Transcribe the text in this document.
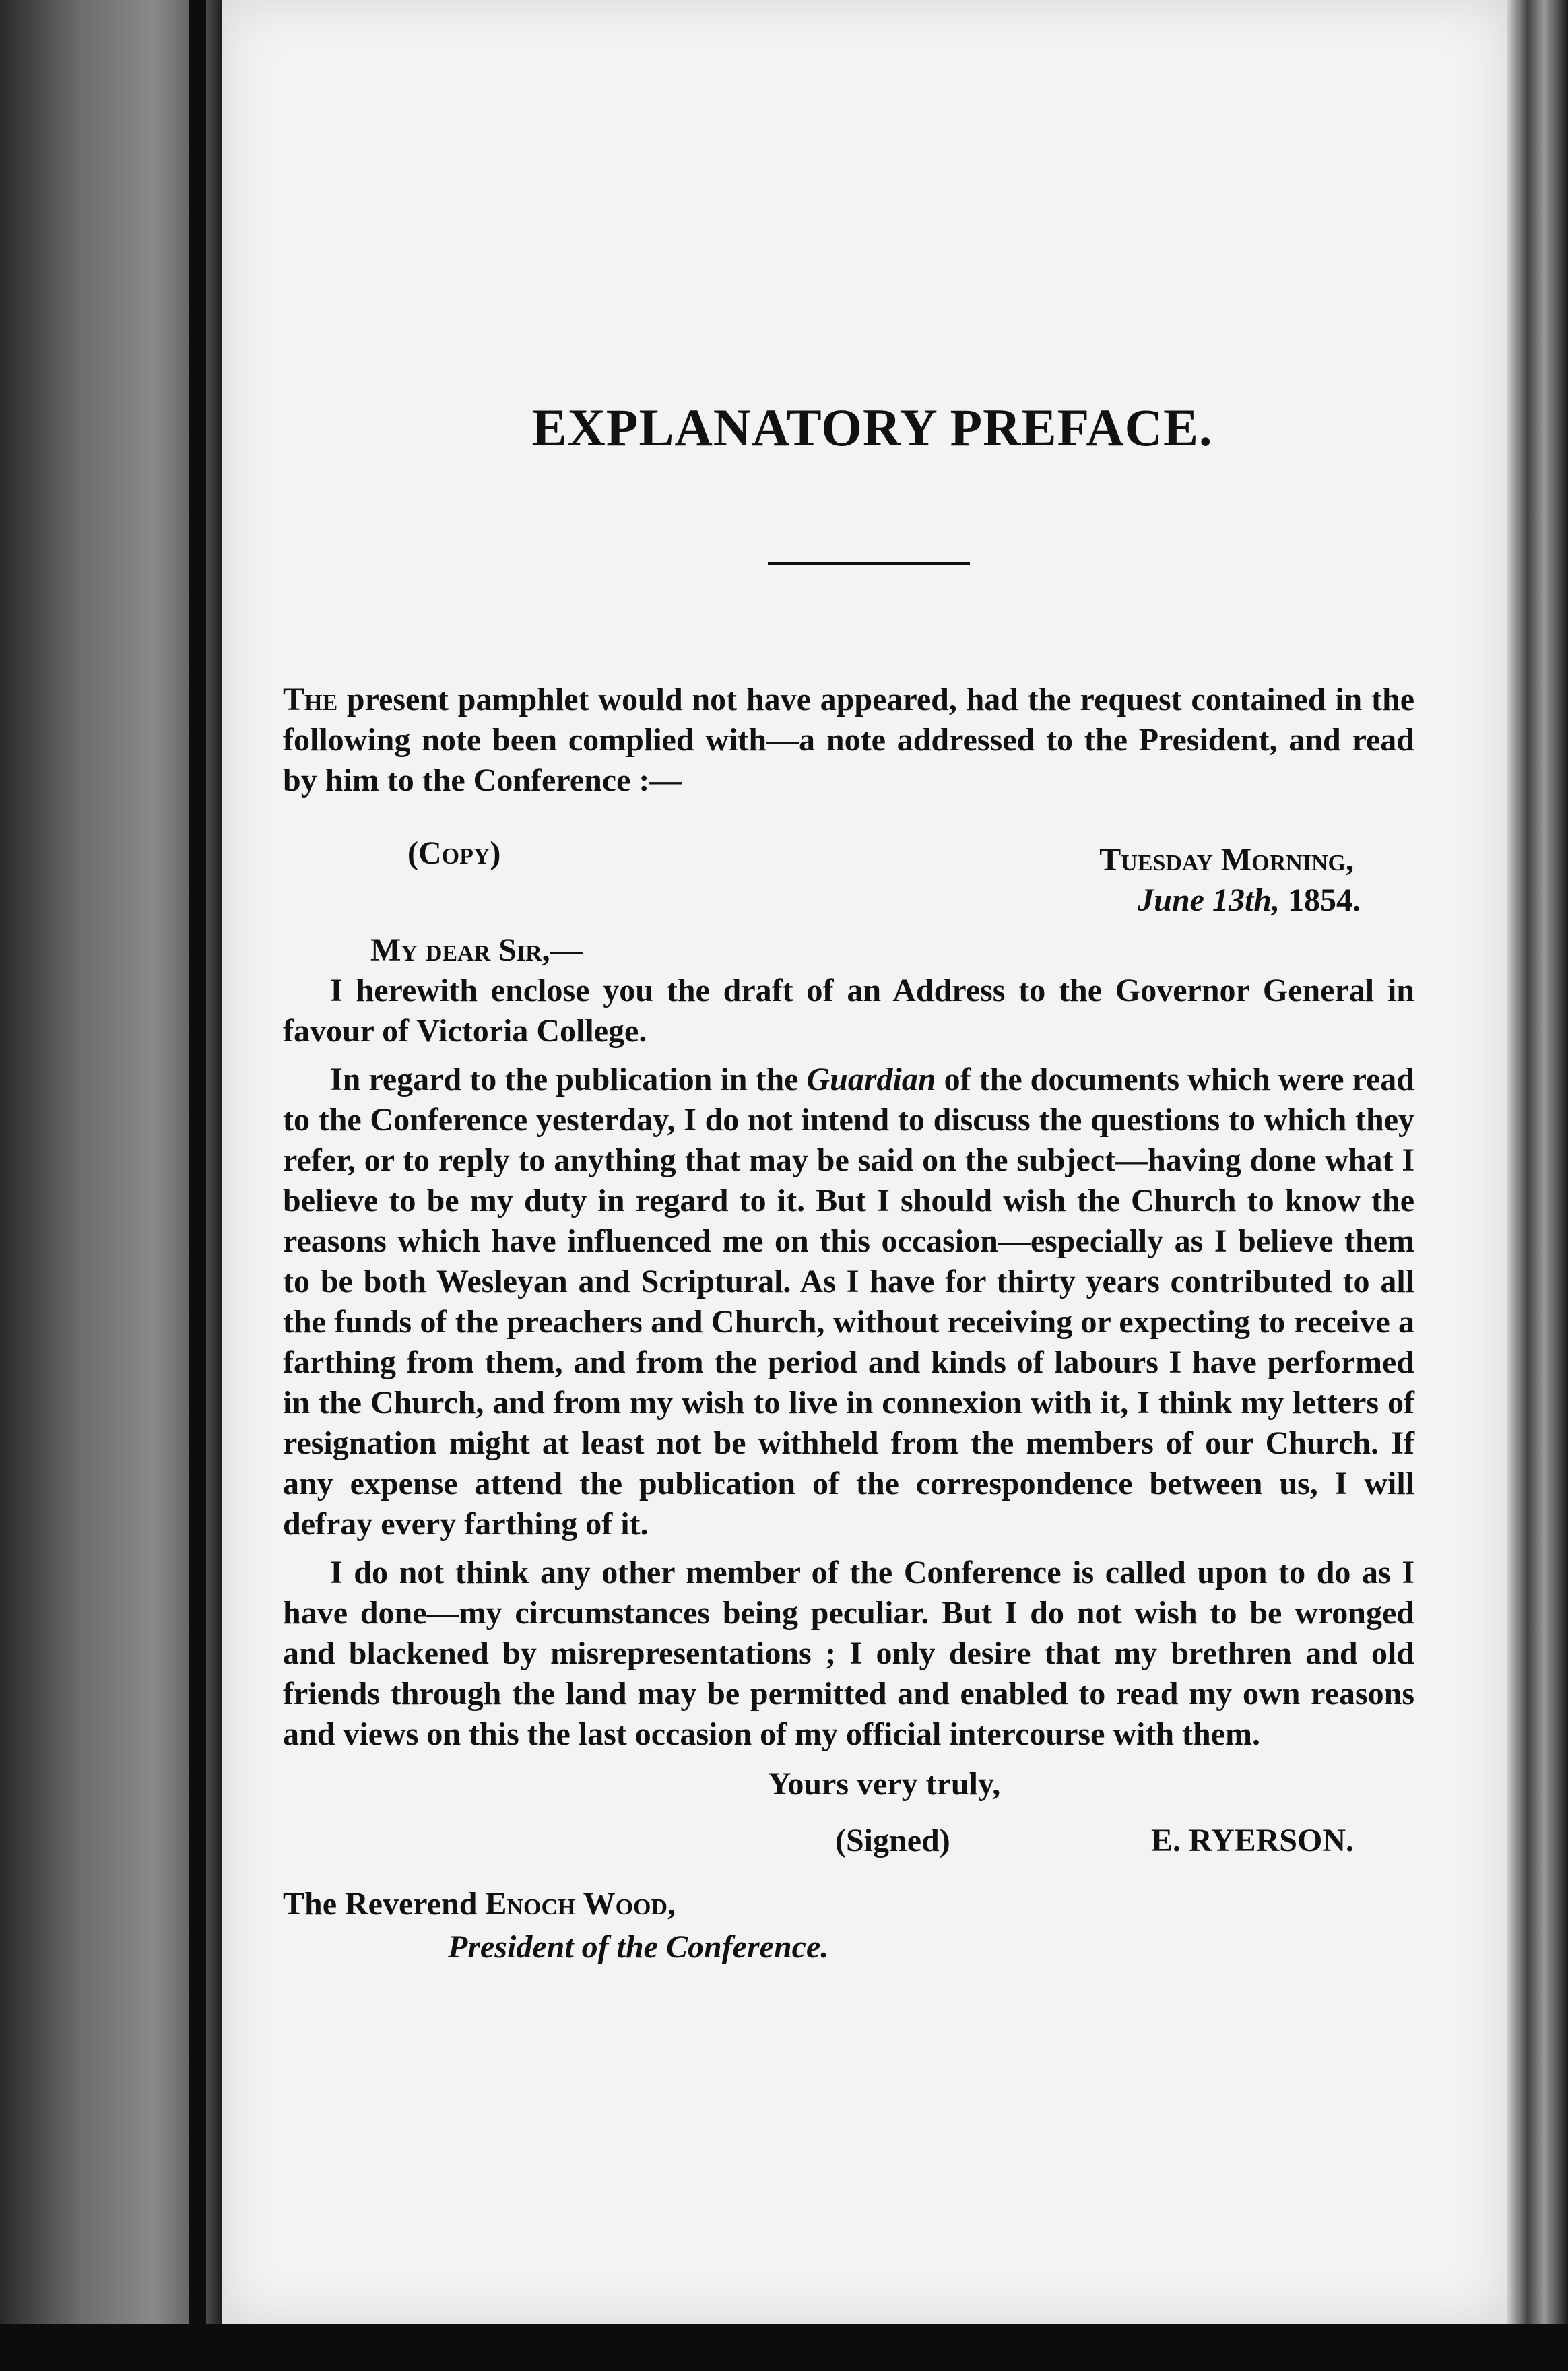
EXPLANATORY PREFACE.

The present pamphlet would not have appeared, had the request contained in the following note been complied with—a note addressed to the President, and read by him to the Conference :—

(Copy)	Tuesday Morning,
June 13th, 1854.
My dear Sir,—

I herewith enclose you the draft of an Address to the Governor General in favour of Victoria College.

In regard to the publication in the Guardian of the documents which were read to the Conference yesterday, I do not intend to discuss the questions to which they refer, or to reply to anything that may be said on the subject—having done what I believe to be my duty in regard to it. But I should wish the Church to know the reasons which have influenced me on this occasion—especially as I believe them to be both Wesleyan and Scriptural. As I have for thirty years contributed to all the funds of the preachers and Church, without receiving or expecting to receive a farthing from them, and from the period and kinds of labours I have performed in the Church, and from my wish to live in connexion with it, I think my letters of resignation might at least not be withheld from the members of our Church. If any expense attend the publication of the correspondence between us, I will defray every farthing of it.

I do not think any other member of the Conference is called upon to do as I have done—my circumstances being peculiar. But I do not wish to be wronged and blackened by misrepresentations ; I only desire that my brethren and old friends through the land may be permitted and enabled to read my own reasons and views on this the last occasion of my official intercourse with them.

Yours very truly,
(Signed)	E. RYERSON.
The Reverend Enoch Wood,
President of the Conference.
